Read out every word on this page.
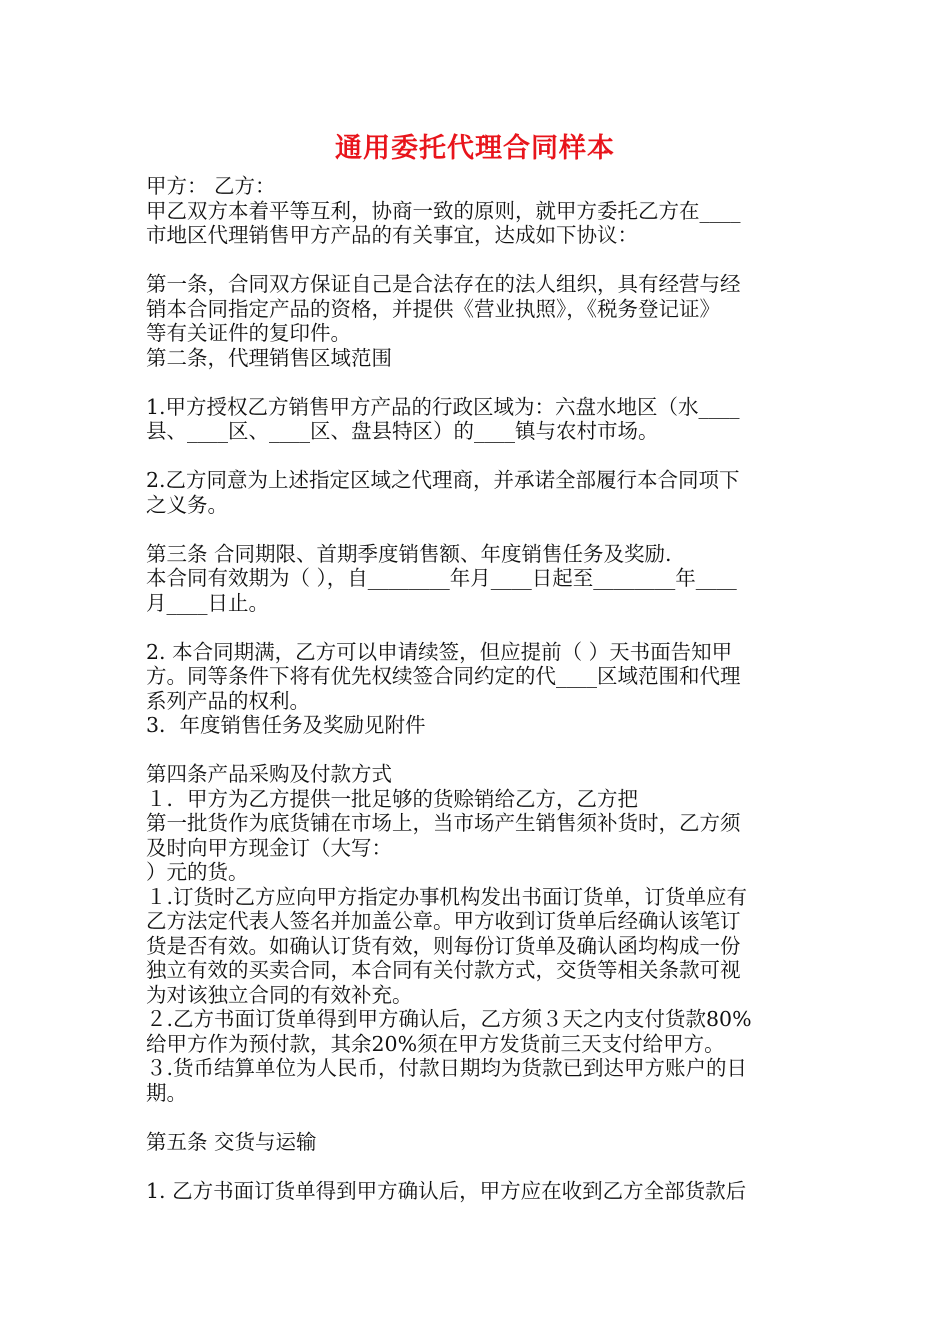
通用委托代理合同样本
甲方： 乙方：
甲乙双方本着平等互利，协商一致的原则，就甲方委托乙方在____
市地区代理销售甲方产品的有关事宜，达成如下协议：
第一条，合同双方保证自己是合法存在的法人组织，具有经营与经
销本合同指定产品的资格，并提供《营业执照》，《税务登记证》
等有关证件的复印件。
第二条，代理销售区域范围
1.甲方授权乙方销售甲方产品的行政区域为：六盘水地区（水____
县、____区、____区、盘县特区）的____镇与农村市场。
2.乙方同意为上述指定区域之代理商，并承诺全部履行本合同项下
之义务。
第三条 合同期限、首期季度销售额、年度销售任务及奖励.
本合同有效期为（ ），自________年月____日起至________年____
月____日止。
2. 本合同期满，乙方可以申请续签，但应提前（ ）天书面告知甲
方。同等条件下将有优先权续签合同约定的代____区域范围和代理
系列产品的权利。
3．年度销售任务及奖励见附件
第四条产品采购及付款方式
１．甲方为乙方提供一批足够的货赊销给乙方，乙方把
第一批货作为底货铺在市场上，当市场产生销售须补货时，乙方须
及时向甲方现金订（大写：
）元的货。
１.订货时乙方应向甲方指定办事机构发出书面订货单，订货单应有
乙方法定代表人签名并加盖公章。甲方收到订货单后经确认该笔订
货是否有效。如确认订货有效，则每份订货单及确认函均构成一份
独立有效的买卖合同，本合同有关付款方式，交货等相关条款可视
为对该独立合同的有效补充。
２.乙方书面订货单得到甲方确认后，乙方须３天之内支付货款80%
给甲方作为预付款，其余20%须在甲方发货前三天支付给甲方。
３.货币结算单位为人民币，付款日期均为货款已到达甲方账户的日
期。
第五条 交货与运输
1. 乙方书面订货单得到甲方确认后，甲方应在收到乙方全部货款后
